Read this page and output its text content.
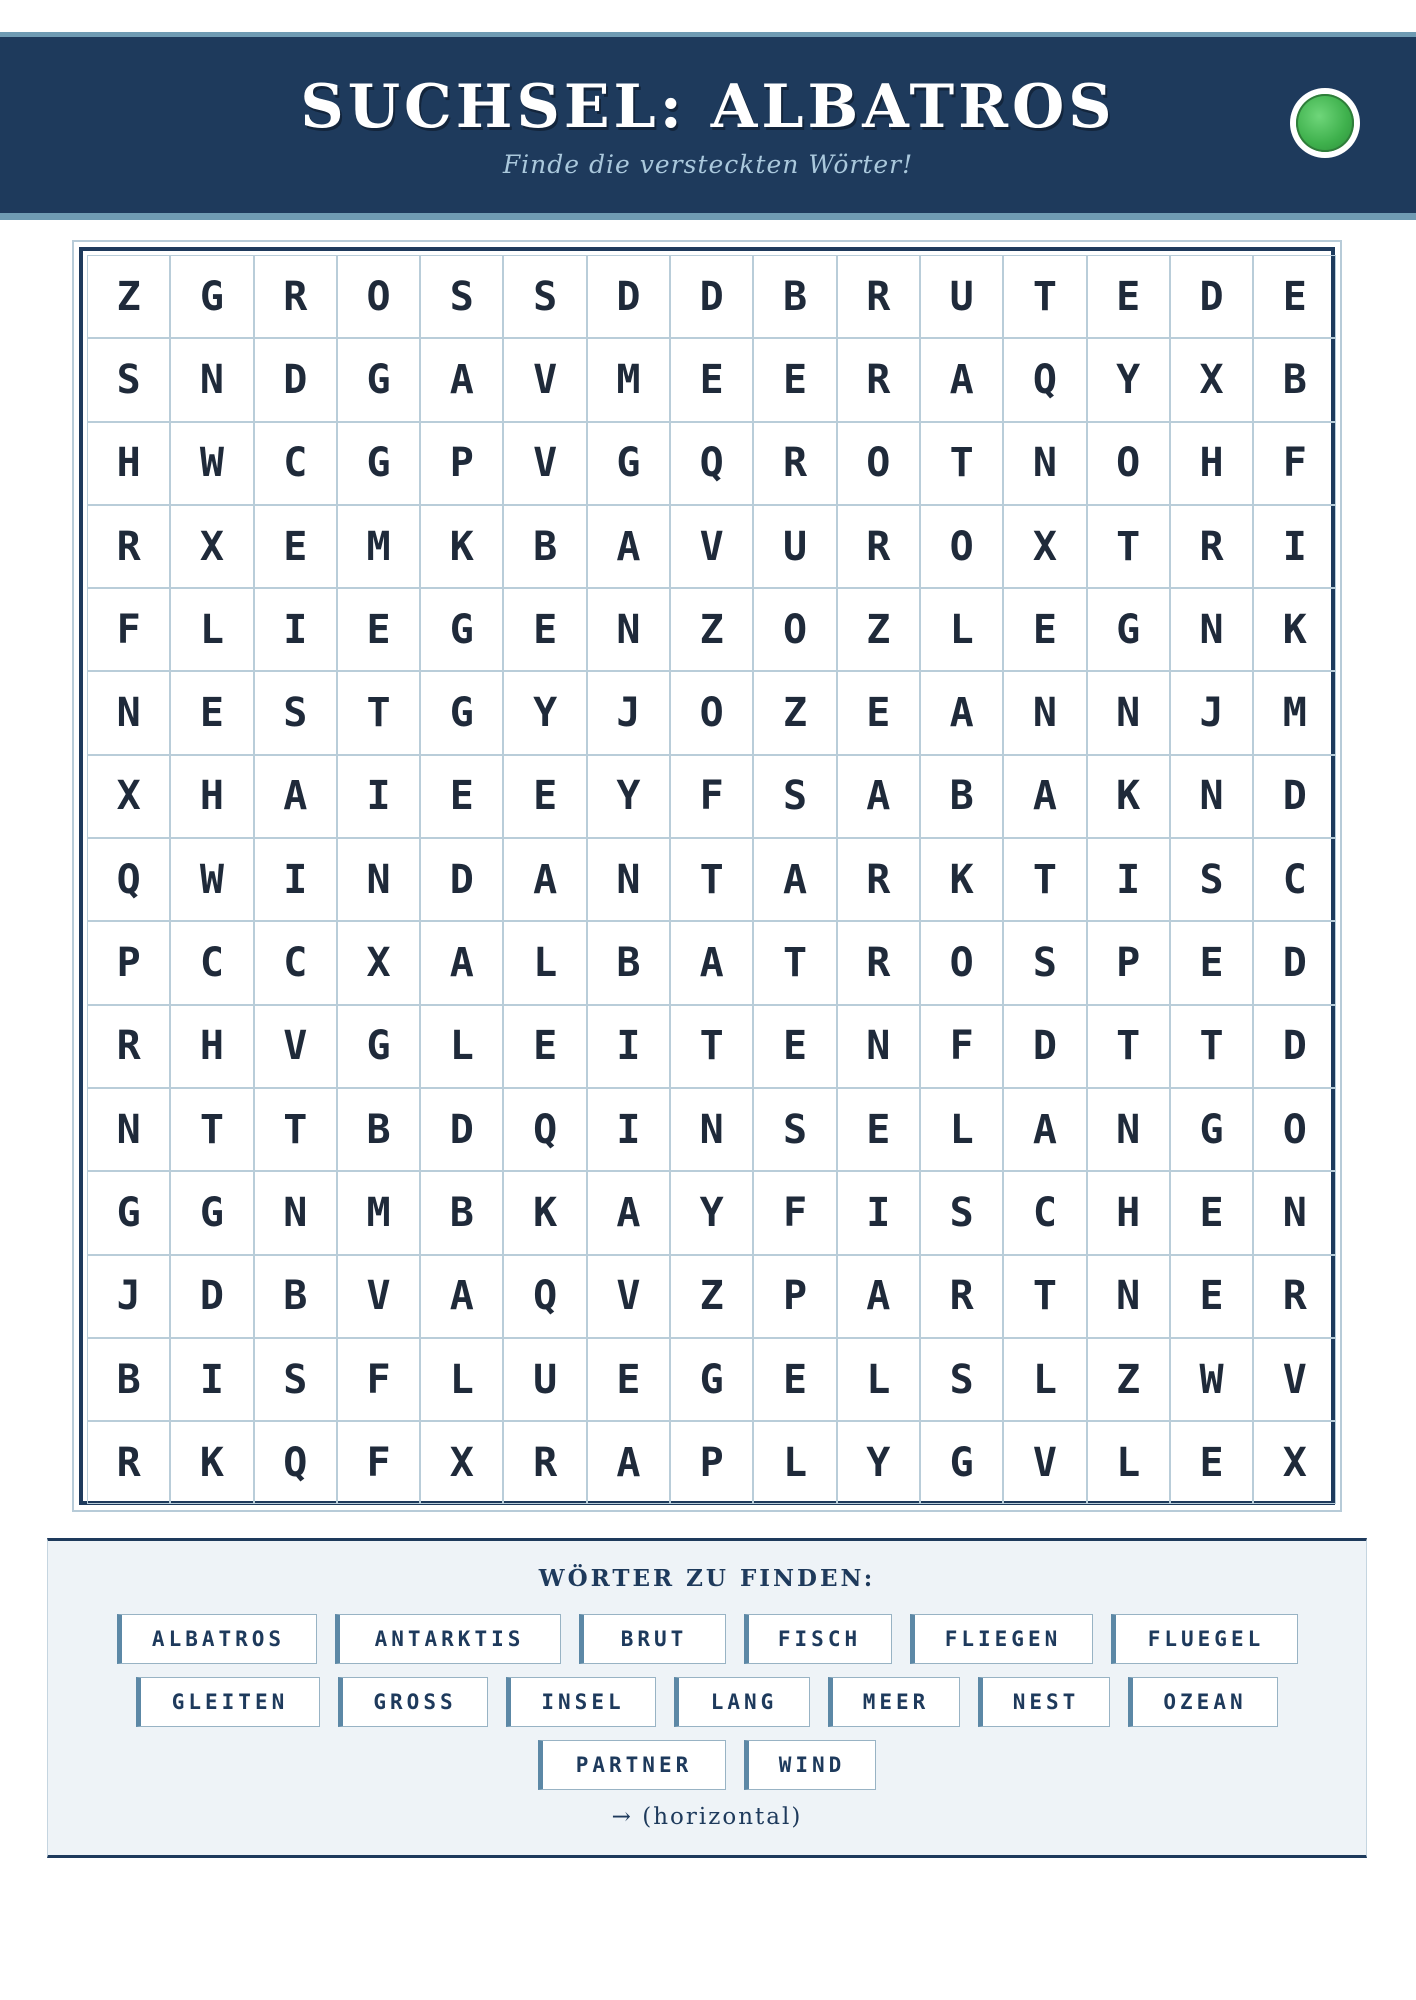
SUCHSEL: ALBATROS
Finde die versteckten Wörter!
Z	G	R	O	S	S	D	D	B	R	U	T	E	D	E
S	N	D	G	A	V	M	E	E	R	A	Q	Y	X	B
H	W	C	G	P	V	G	Q	R	O	T	N	O	H	F
R	X	E	M	K	B	A	V	U	R	O	X	T	R	I
F	L	I	E	G	E	N	Z	O	Z	L	E	G	N	K
N	E	S	T	G	Y	J	O	Z	E	A	N	N	J	M
X	H	A	I	E	E	Y	F	S	A	B	A	K	N	D
Q	W	I	N	D	A	N	T	A	R	K	T	I	S	C
P	C	C	X	A	L	B	A	T	R	O	S	P	E	D
R	H	V	G	L	E	I	T	E	N	F	D	T	T	D
N	T	T	B	D	Q	I	N	S	E	L	A	N	G	O
G	G	N	M	B	K	A	Y	F	I	S	C	H	E	N
J	D	B	V	A	Q	V	Z	P	A	R	T	N	E	R
B	I	S	F	L	U	E	G	E	L	S	L	Z	W	V
R	K	Q	F	X	R	A	P	L	Y	G	V	L	E	X
WÖRTER ZU FINDEN:
ALBATROS	ANTARKTIS	BRUT	FISCH	FLIEGEN	FLUEGEL
GLEITEN	GROSS	INSEL	LANG	MEER	NEST	OZEAN
PARTNER	WIND
→ (horizontal)
